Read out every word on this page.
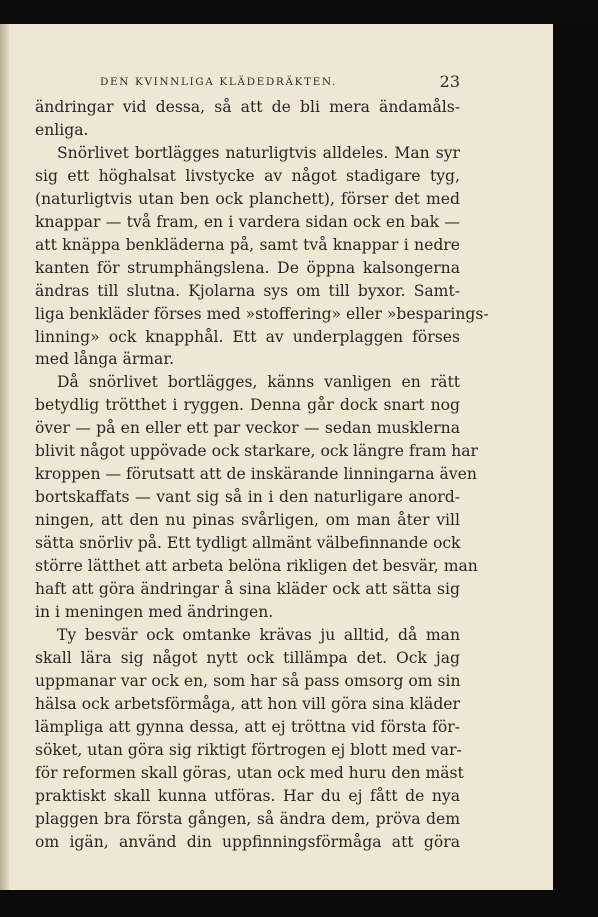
DEN KVINNLIGA KLÄDEDRÄKTEN.	23
ändringar vid dessa, så att de bli mera ändamåls-
enliga.
Snörlivet bortlägges naturligtvis alldeles. Man syr
sig ett höghalsat livstycke av något stadigare tyg,
(naturligtvis utan ben ock planchett), förser det med
knappar — två fram, en i vardera sidan ock en bak —
att knäppa benkläderna på, samt två knappar i nedre
kanten för strumphängslena. De öppna kalsongerna
ändras till slutna. Kjolarna sys om till byxor. Samt-
liga benkläder förses med »stoffering» eller »besparings-
linning» ock knapphål. Ett av underplaggen förses
med långa ärmar.
Då snörlivet bortlägges, känns vanligen en rätt
betydlig trötthet i ryggen. Denna går dock snart nog
över — på en eller ett par veckor — sedan musklerna
blivit något uppövade ock starkare, ock längre fram har
kroppen — förutsatt att de inskärande linningarna även
bortskaffats — vant sig så in i den naturligare anord-
ningen, att den nu pinas svårligen, om man åter vill
sätta snörliv på. Ett tydligt allmänt välbefinnande ock
större lätthet att arbeta belöna rikligen det besvär, man
haft att göra ändringar å sina kläder ock att sätta sig
in i meningen med ändringen.
Ty besvär ock omtanke krävas ju alltid, då man
skall lära sig något nytt ock tillämpa det. Ock jag
uppmanar var ock en, som har så pass omsorg om sin
hälsa ock arbetsförmåga, att hon vill göra sina kläder
lämpliga att gynna dessa, att ej tröttna vid första för-
söket, utan göra sig riktigt förtrogen ej blott med var-
för reformen skall göras, utan ock med huru den mäst
praktiskt skall kunna utföras. Har du ej fått de nya
plaggen bra första gången, så ändra dem, pröva dem
om igän, använd din uppfinningsförmåga att göra
